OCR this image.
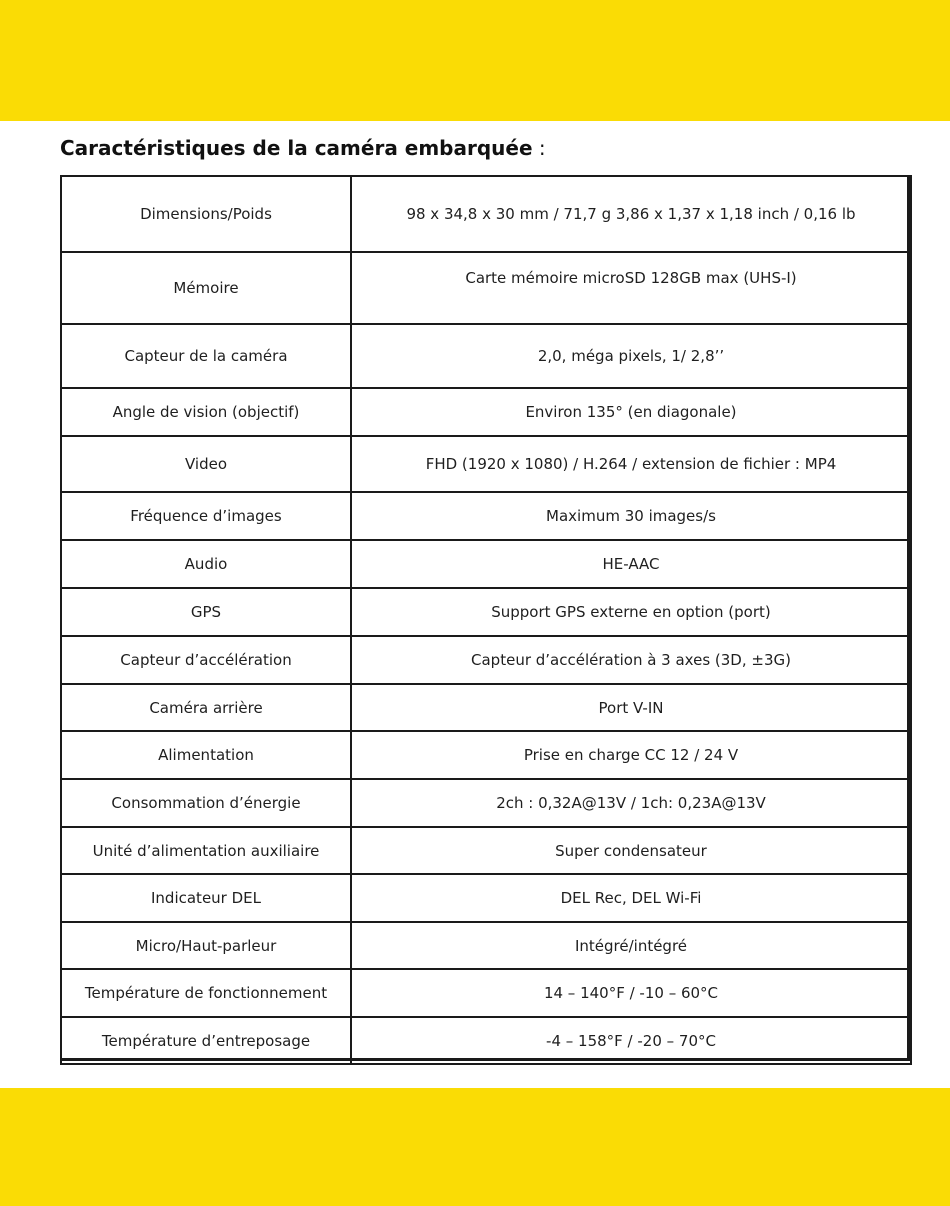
Caractéristiques de la caméra embarquée :
Dimensions/Poids	98 x 34,8 x 30 mm / 71,7 g 3,86 x 1,37 x 1,18 inch / 0,16 lb
Mémoire	Carte mémoire microSD 128GB max (UHS-I)
Capteur de la caméra	2,0, méga pixels, 1/ 2,8’’
Angle de vision (objectif)	Environ 135° (en diagonale)
Video	FHD (1920 x 1080) / H.264 / extension de fichier : MP4
Fréquence d’images	Maximum 30 images/s
Audio	HE-AAC
GPS	Support GPS externe en option (port)
Capteur d’accélération	Capteur d’accélération à 3 axes (3D, ±3G)
Caméra arrière	Port V-IN
Alimentation	Prise en charge CC 12 / 24 V
Consommation d’énergie	2ch : 0,32A@13V / 1ch: 0,23A@13V
Unité d’alimentation auxiliaire	Super condensateur
Indicateur DEL	DEL Rec, DEL Wi-Fi
Micro/Haut-parleur	Intégré/intégré
Température de fonctionnement	14 – 140°F / -10 – 60°C
Température d’entreposage	-4 – 158°F / -20 – 70°C
